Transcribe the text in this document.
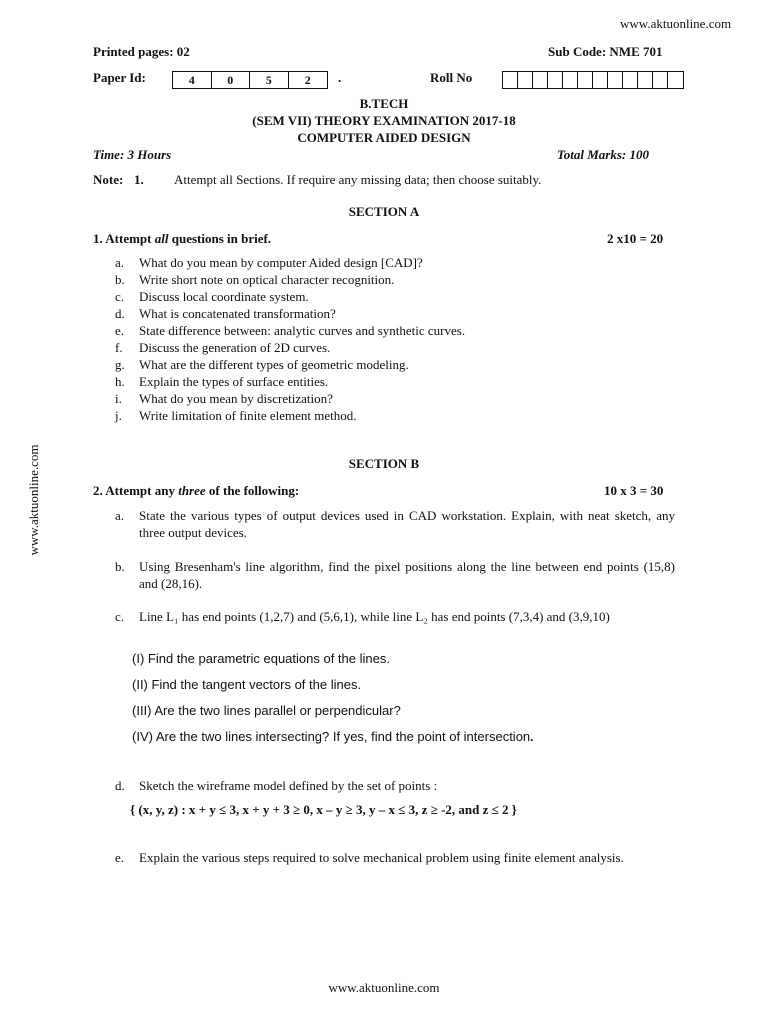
www.aktuonline.com
www.aktuonline.com
www.aktuonline.com
Printed pages: 02	Sub Code: NME 701
Paper Id:	4	0	5	2	.	Roll No
B.TECH
(SEM VII) THEORY EXAMINATION 2017-18
COMPUTER AIDED DESIGN
Time: 3 Hours	Total Marks: 100
Note: 1. Attempt all Sections. If require any missing data; then choose suitably.
SECTION A
1. Attempt all questions in brief.	2 x10 = 20
a. What do you mean by computer Aided design [CAD]?
b. Write short note on optical character recognition.
c. Discuss local coordinate system.
d. What is concatenated transformation?
e. State difference between: analytic curves and synthetic curves.
f. Discuss the generation of 2D curves.
g. What are the different types of geometric modeling.
h. Explain the types of surface entities.
i. What do you mean by discretization?
j. Write limitation of finite element method.
SECTION B
2. Attempt any three of the following:	10 x 3 = 30
a. State the various types of output devices used in CAD workstation. Explain, with neat sketch, any three output devices.
b. Using Bresenham's line algorithm, find the pixel positions along the line between end points (15,8) and (28,16).
c. Line L₁ has end points (1,2,7) and (5,6,1), while line L₂ has end points (7,3,4) and (3,9,10)
(I) Find the parametric equations of the lines.
(II) Find the tangent vectors of the lines.
(III) Are the two lines parallel or perpendicular?
(IV) Are the two lines intersecting? If yes, find the point of intersection.
d. Sketch the wireframe model defined by the set of points :
{ (x, y, z) : x + y ≤ 3, x + y + 3 ≥ 0, x – y ≥ 3, y – x ≤ 3, z ≥ -2, and z ≤ 2 }
e. Explain the various steps required to solve mechanical problem using finite element analysis.
